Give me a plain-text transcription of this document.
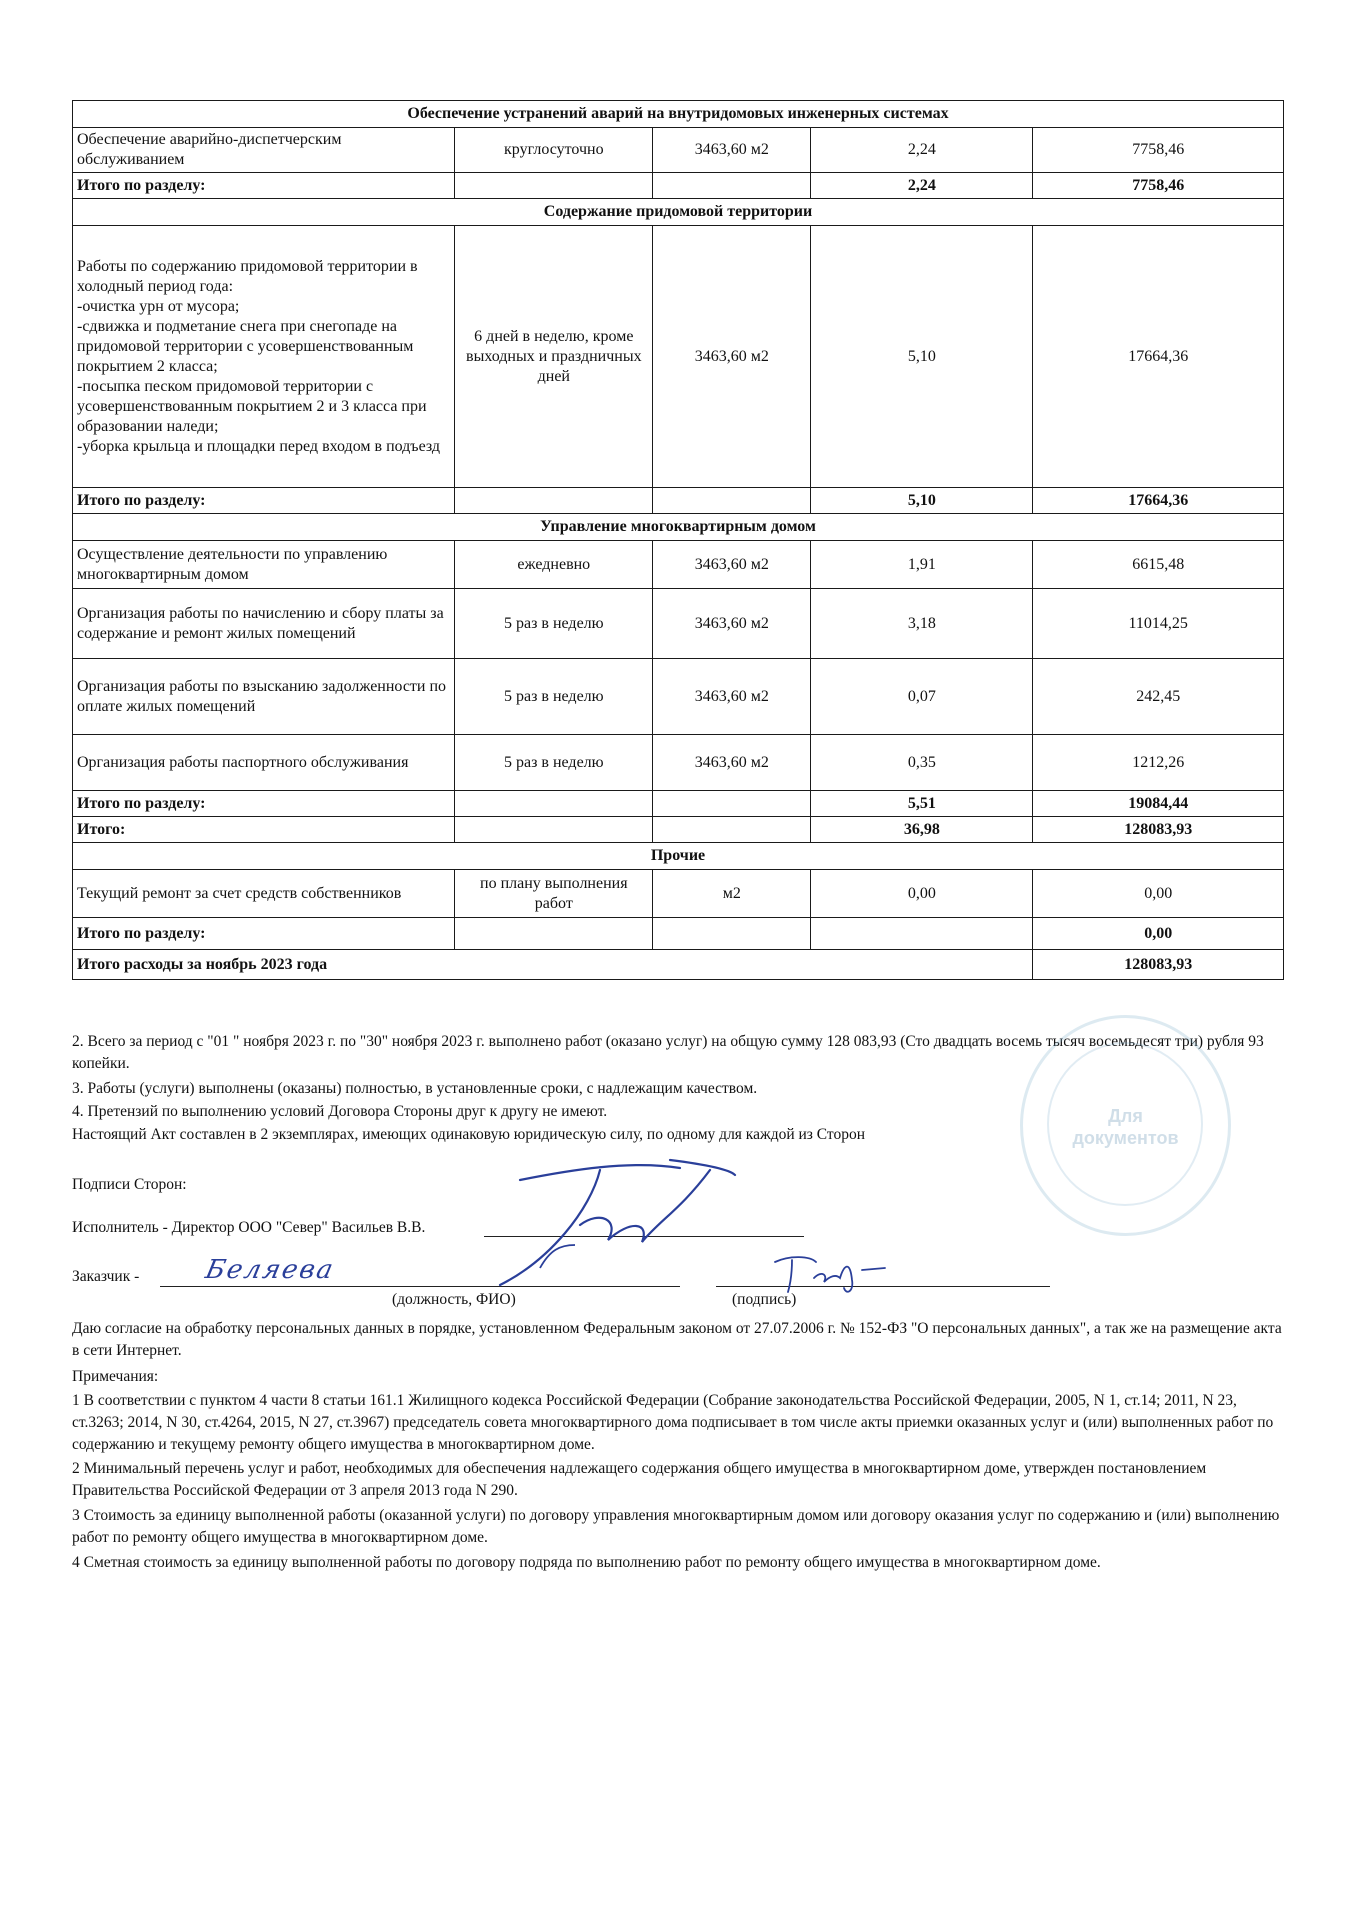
Обеспечение устранений аварий на внутридомовых инженерных системах				
Обеспечение аварийно-диспетчерским обслуживанием	круглосуточно	3463,60 м2	2,24	7758,46
Итого по разделу:			2,24	7758,46
Содержание придомовой территории				
Работы по содержанию придомовой территории в холодный период года:
-очистка урн от мусора;
-сдвижка и подметание снега при снегопаде на придомовой территории с усовершенствованным покрытием 2 класса;
-посыпка песком придомовой территории с усовершенствованным покрытием 2 и 3 класса при образовании наледи;
-уборка крыльца и площадки перед входом в подъезд	6 дней в неделю, кроме выходных и праздничных дней	3463,60 м2	5,10	17664,36
Итого по разделу:			5,10	17664,36
Управление многоквартирным домом				
Осуществление деятельности по управлению многоквартирным домом	ежедневно	3463,60 м2	1,91	6615,48
Организация работы по начислению и сбору платы за содержание и ремонт жилых помещений	5 раз в неделю	3463,60 м2	3,18	11014,25
Организация работы по взысканию задолженности по оплате жилых помещений	5 раз в неделю	3463,60 м2	0,07	242,45
Организация работы паспортного обслуживания	5 раз в неделю	3463,60 м2	0,35	1212,26
Итого по разделу:			5,51	19084,44
Итого:			36,98	128083,93
Прочие				
Текущий ремонт за счет средств собственников	по плану выполнения работ	м2	0,00	0,00
Итого по разделу:				0,00
Итого расходы за ноябрь 2023 года				128083,93
2. Всего за период с "01 " ноября 2023 г. по "30" ноября 2023 г. выполнено работ (оказано услуг) на общую сумму 128 083,93 (Сто двадцать восемь тысяч восемьдесят три) рубля 93 копейки.
3. Работы (услуги) выполнены (оказаны) полностью, в установленные сроки, с надлежащим качеством.
4. Претензий по выполнению условий Договора Стороны друг к другу не имеют.
Настоящий Акт составлен в 2 экземплярах, имеющих одинаковую юридическую силу, по одному для каждой из Сторон
Подписи Сторон:
Исполнитель - Директор ООО "Север" Васильев В.В.
Заказчик -
(должность, ФИО)	(подпись)
Беляева
Для
документов
Даю согласие на обработку персональных данных в порядке, установленном Федеральным законом от 27.07.2006 г. № 152-ФЗ "О персональных данных", а так же на размещение акта в сети Интернет.
Примечания:
1 В соответствии с пунктом 4 части 8 статьи 161.1 Жилищного кодекса Российской Федерации (Собрание законодательства Российской Федерации, 2005, N 1, ст.14; 2011, N 23, ст.3263; 2014, N 30, ст.4264, 2015, N 27, ст.3967) председатель совета многоквартирного дома подписывает в том числе акты приемки оказанных услуг и (или) выполненных работ по содержанию и текущему ремонту общего имущества в многоквартирном доме.
2 Минимальный перечень услуг и работ, необходимых для обеспечения надлежащего содержания общего имущества в многоквартирном доме, утвержден постановлением Правительства Российской Федерации от 3 апреля 2013 года N 290.
3 Стоимость за единицу выполненной работы (оказанной услуги) по договору управления многоквартирным домом или договору оказания услуг по содержанию и (или) выполнению работ по ремонту общего имущества в многоквартирном доме.
4 Сметная стоимость за единицу выполненной работы по договору подряда по выполнению работ по ремонту общего имущества в многоквартирном доме.
